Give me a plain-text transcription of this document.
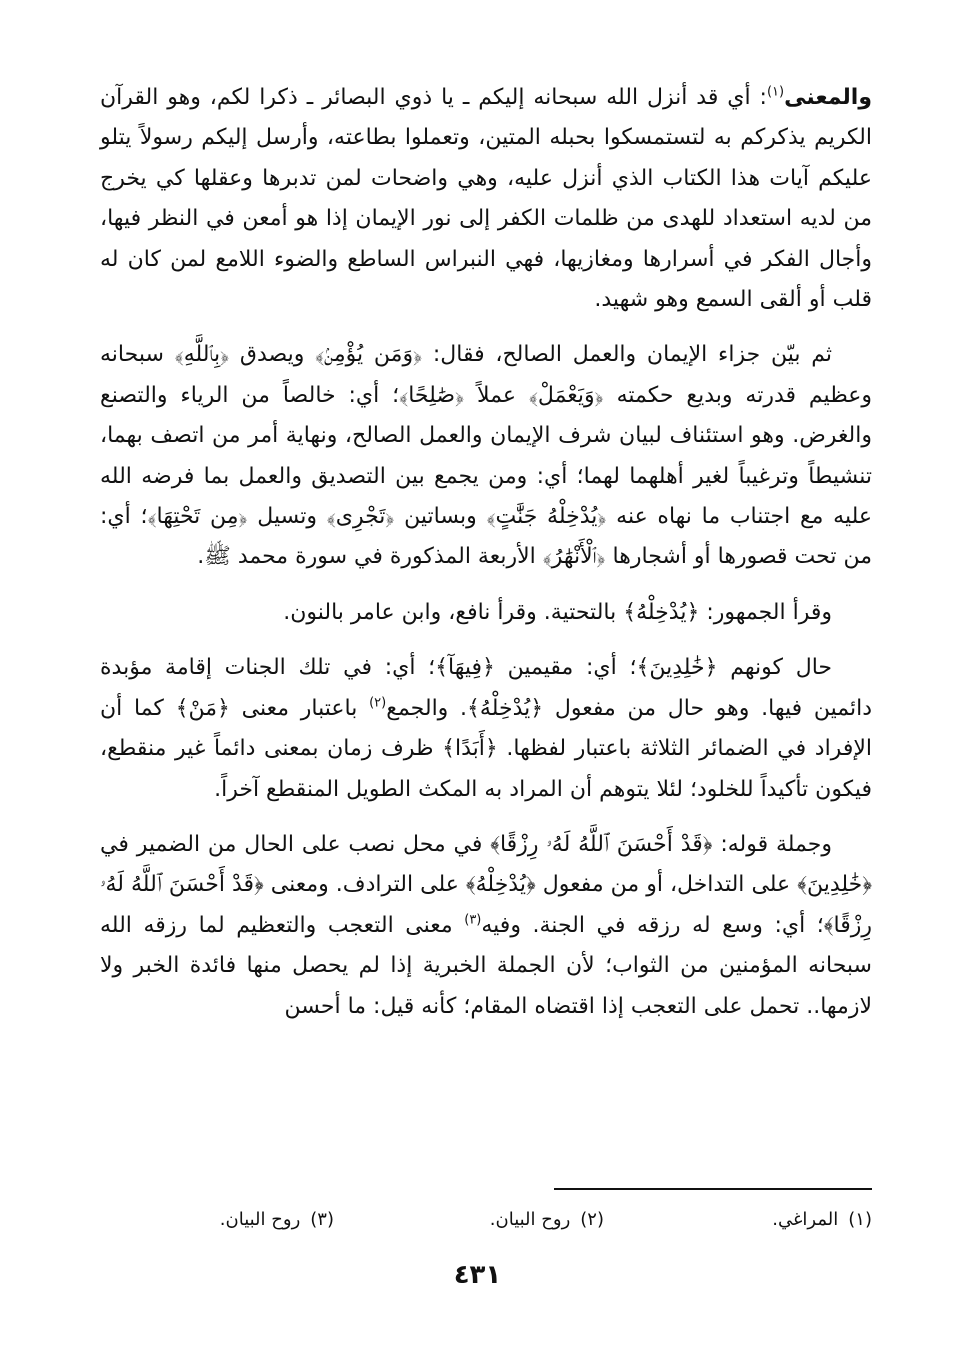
والمعنى$^{(١)}$: أي قد أنزل الله سبحانه إليكم ـ يا ذوي البصائر ـ ذكرا لكم، وهو القرآن الكريم يذكركم به لتستمسكوا بحبله المتين، وتعملوا بطاعته، وأرسل إليكم رسولاً يتلو عليكم آيات هذا الكتاب الذي أنزل عليه، وهي واضحات لمن تدبرها وعقلها كي يخرج من لديه استعداد للهدى من ظلمات الكفر إلى نور الإيمان إذا هو أمعن في النظر فيها، وأجال الفكر في أسرارها ومغازيها، فهي النبراس الساطع والضوء اللامع لمن كان له قلب أو ألقى السمع وهو شهيد.

ثم بيّن جزاء الإيمان والعمل الصالح، فقال: ﴿وَمَن يُؤْمِنۢ﴾ ويصدق ﴿بِٱللَّهِ﴾ سبحانه وعظيم قدرته وبديع حكمته ﴿وَيَعْمَلْ﴾ عملاً ﴿صَٰلِحًا﴾؛ أي: خالصاً من الرياء والتصنع والغرض. وهو استئناف لبيان شرف الإيمان والعمل الصالح، ونهاية أمر من اتصف بهما، تنشيطاً وترغيباً لغير أهلهما لهما؛ أي: ومن يجمع بين التصديق والعمل بما فرضه الله عليه مع اجتناب ما نهاه عنه ﴿يُدْخِلْهُ جَنَّٰتٍ﴾ وبساتين ﴿تَجْرِى﴾ وتسيل ﴿مِن تَحْتِهَا﴾؛ أي: من تحت قصورها أو أشجارها ﴿ٱلْأَنْهَٰرُ﴾ الأربعة المذكورة في سورة محمد ﷺ.

وقرأ الجمهور: ﴿يُدْخِلْهُ﴾ بالتحتية. وقرأ نافع، وابن عامر بالنون.

حال كونهم ﴿خَٰلِدِينَ﴾؛ أي: مقيمين ﴿فِيهَآ﴾؛ أي: في تلك الجنات إقامة مؤبدة دائمين فيها. وهو حال من مفعول ﴿يُدْخِلْهُ﴾. والجمع$^{(٢)}$ باعتبار معنى ﴿مَنْ﴾ كما أن الإفراد في الضمائر الثلاثة باعتبار لفظها. ﴿أَبَدًا﴾ ظرف زمان بمعنى دائماً غير منقطع، فيكون تأكيداً للخلود؛ لئلا يتوهم أن المراد به المكث الطويل المنقطع آخراً.

وجملة قوله: ﴿قَدْ أَحْسَنَ ٱللَّهُ لَهُۥ رِزْقًا﴾ في محل نصب على الحال من الضمير في ﴿خَٰلِدِينَ﴾ على التداخل، أو من مفعول ﴿يُدْخِلْهُ﴾ على الترادف. ومعنى ﴿قَدْ أَحْسَنَ ٱللَّهُ لَهُۥ رِزْقًا﴾؛ أي: وسع له رزقه في الجنة. وفيه$^{(٣)}$ معنى التعجب والتعظيم لما رزقه الله سبحانه المؤمنين من الثواب؛ لأن الجملة الخبرية إذا لم يحصل منها فائدة الخبر ولا لازمها.. تحمل على التعجب إذا اقتضاه المقام؛ كأنه قيل: ما أحسن

(١)المراغي.
(٢)روح البيان.
(٣)روح البيان.
٤٣١
